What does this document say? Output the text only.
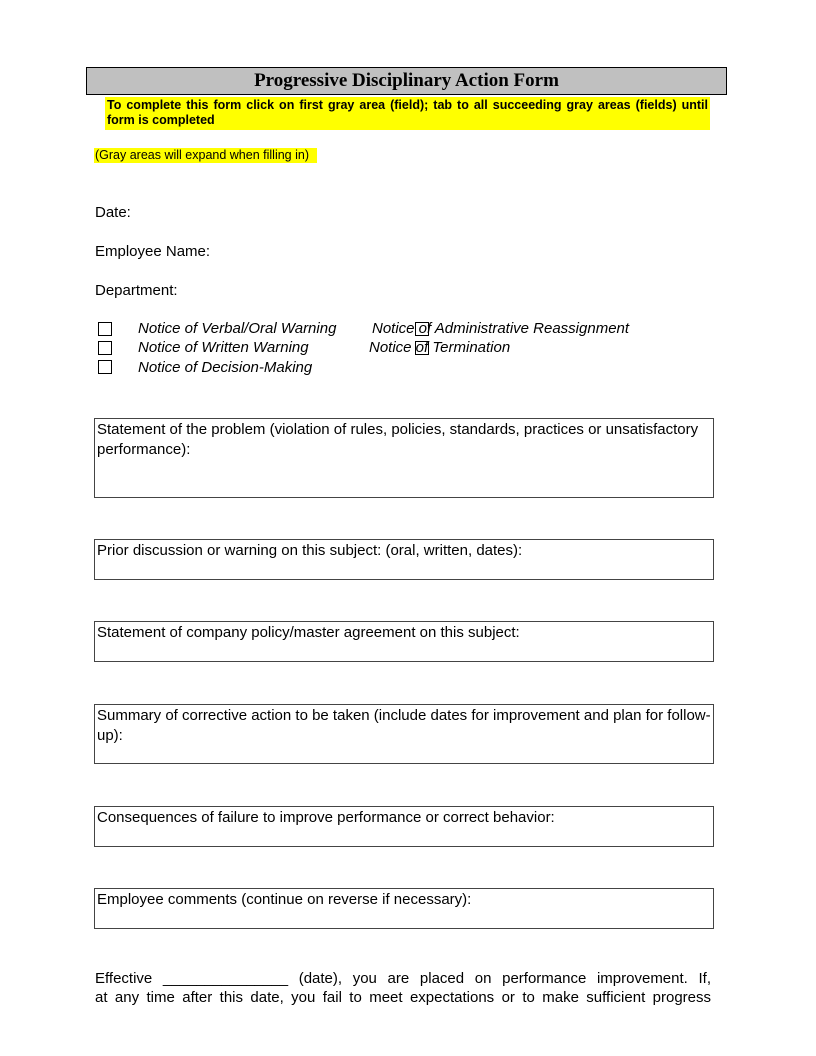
Progressive Disciplinary Action Form
To complete this form click on first gray area (field); tab to all succeeding gray areas (fields) until form is completed
(Gray areas will expand when filling in)
Date:
Employee Name:
Department:
Notice of Verbal/Oral Warning
Notice of Written Warning
Notice of Decision-Making
Notice of Administrative Reassignment
Notice of Termination
Statement of the problem (violation of rules, policies, standards, practices or unsatisfactory performance):
Prior discussion or warning on this subject: (oral, written, dates):
Statement of company policy/master agreement on this subject:
Summary of corrective action to be taken (include dates for improvement and plan for follow-up):
Consequences of failure to improve performance or correct behavior:
Employee comments (continue on reverse if necessary):
Effective _______________ (date), you are placed on performance improvement. If,
at any time after this date, you fail to meet expectations or to make sufficient progress
